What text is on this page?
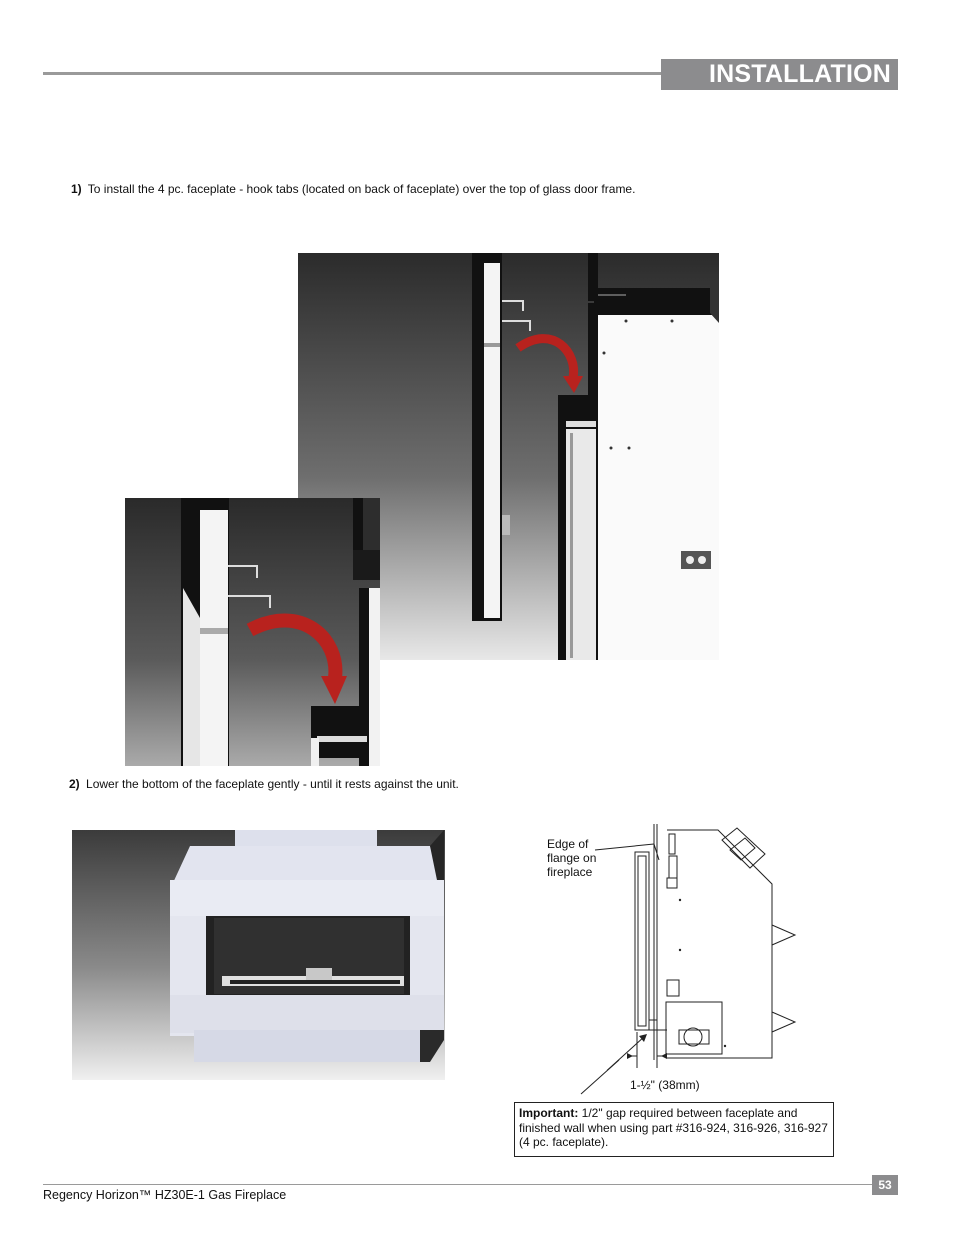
INSTALLATION
1) To install the 4 pc. faceplate - hook tabs (located on back of faceplate) over the top of glass door frame.
2) Lower the bottom of the faceplate gently - until it rests against the unit.
Edge of
flange on
fireplace
1-½" (38mm)
Important: 1/2" gap required between faceplate and finished wall when using part #316-924, 316-926, 316-927 (4 pc. faceplate).
53
Regency Horizon™ HZ30E-1 Gas Fireplace
